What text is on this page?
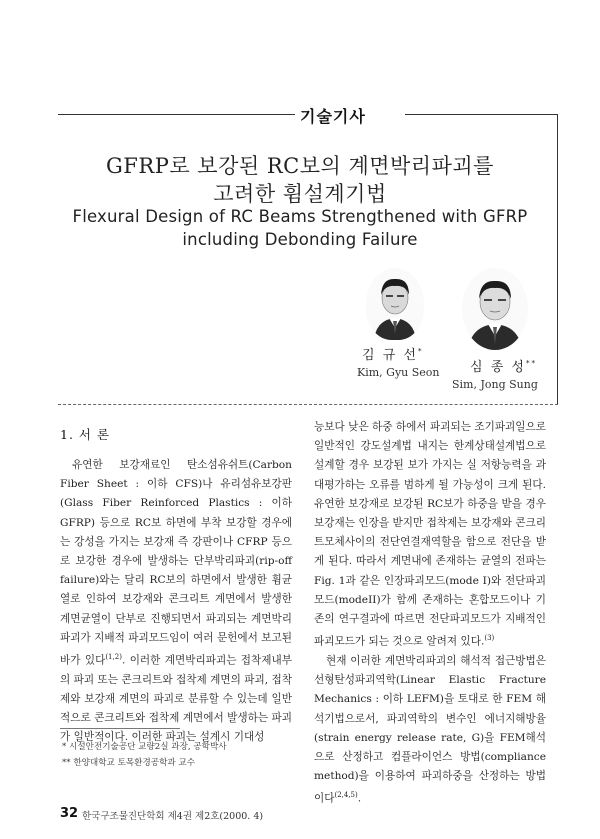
기술기사
GFRP로 보강된 RC보의 계면박리파괴를
고려한 휨설계기법
Flexural Design of RC Beams Strengthened with GFRP
including Debonding Failure
김 규 선*
Kim, Gyu Seon 심 종 성**
Sim, Jong Sung
1. 서 론

유연한 보강재료인 탄소섬유쉬트(Carbon Fiber Sheet : 이하 CFS)나 유리섬유보강판(Glass Fiber Reinforced Plastics : 이하 GFRP) 등으로 RC보 하면에 부착 보강할 경우에는 강성을 가지는 보강재 즉 강판이나 CFRP 등으로 보강한 경우에 발생하는 단부박리파괴(rip-off failure)와는 달리 RC보의 하면에서 발생한 휨균열로 인하여 보강재와 콘크리트 계면에서 발생한 계면균열이 단부로 진행되면서 파괴되는 계면박리파괴가 지배적 파괴모드임이 여러 문헌에서 보고된 바가 있다$^{(1,2)}$. 이러한 계면박리파괴는 접착제내부의 파괴 또는 콘크리트와 접착제 계면의 파괴, 접착제와 보강재 계면의 파괴로 분류할 수 있는데 일반적으로 콘크리트와 접착제 계면에서 발생하는 파괴가 일반적이다. 이러한 파괴는 설계시 기대성

능보다 낮은 하중 하에서 파괴되는 조기파괴일으로 일반적인 강도설계법 내지는 한계상태설계법으로 설계할 경우 보강된 보가 가지는 실 저항능력을 과대평가하는 오류를 범하게 될 가능성이 크게 된다. 유연한 보강재로 보강된 RC보가 하중을 받을 경우 보강재는 인장을 받지만 접착제는 보강재와 콘크리트모체사이의 전단연결재역할을 함으로 전단을 받게 된다. 따라서 계면내에 존재하는 균열의 전파는 Fig. 1과 같은 인장파괴모드(mode I)와 전단파괴모드(modeII)가 함께 존재하는 혼합모드이나 기존의 연구결과에 따르면 전단파괴모드가 지배적인 파괴모드가 되는 것으로 알려져 있다.$^{(3)}$

현재 이러한 계면박리파괴의 해석적 접근방법은 선형탄성파괴역학(Linear Elastic Fracture Mechanics : 이하 LEFM)을 토대로 한 FEM 해석기법으로서, 파괴역학의 변수인 에너지해방율(strain energy release rate, G)을 FEM해석으로 산정하고 컴플라이언스 방법(compliance method)을 이용하여 파괴하중을 산정하는 방법이다$^{(2,4,5)}$.

* 시설안전기술공단 교량2실 과장, 공학박사
** 한양대학교 토목환경공학과 교수
32 한국구조물진단학회 제4권 제2호(2000. 4)
